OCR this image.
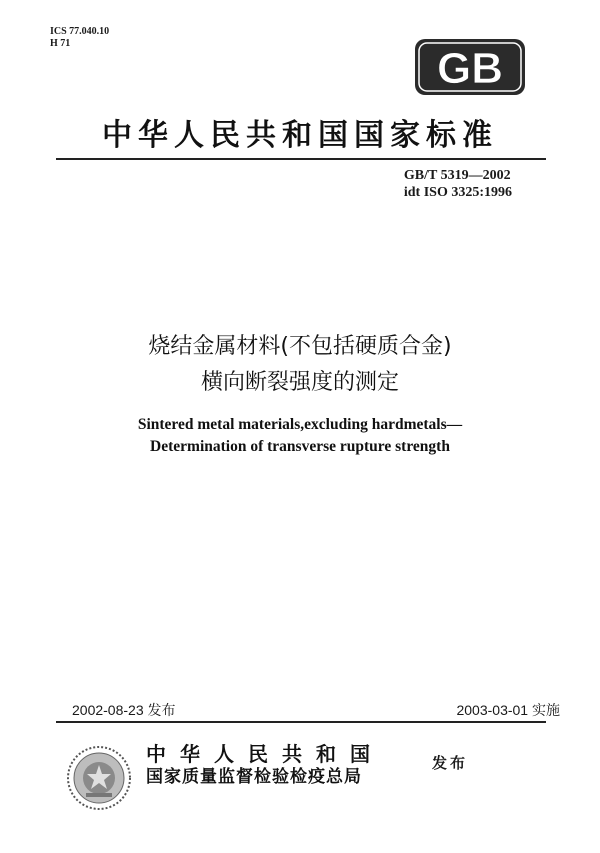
ICS 77.040.10
H 71
GB
中华人民共和国国家标准
GB/T 5319—2002
idt ISO 3325:1996
烧结金属材料(不包括硬质合金)
横向断裂强度的测定
Sintered metal materials,excluding hardmetals—
Determination of transverse rupture strength
2002-08-23 发布	2003-03-01 实施
中华人民共和国
国家质量监督检验检疫总局
发布
